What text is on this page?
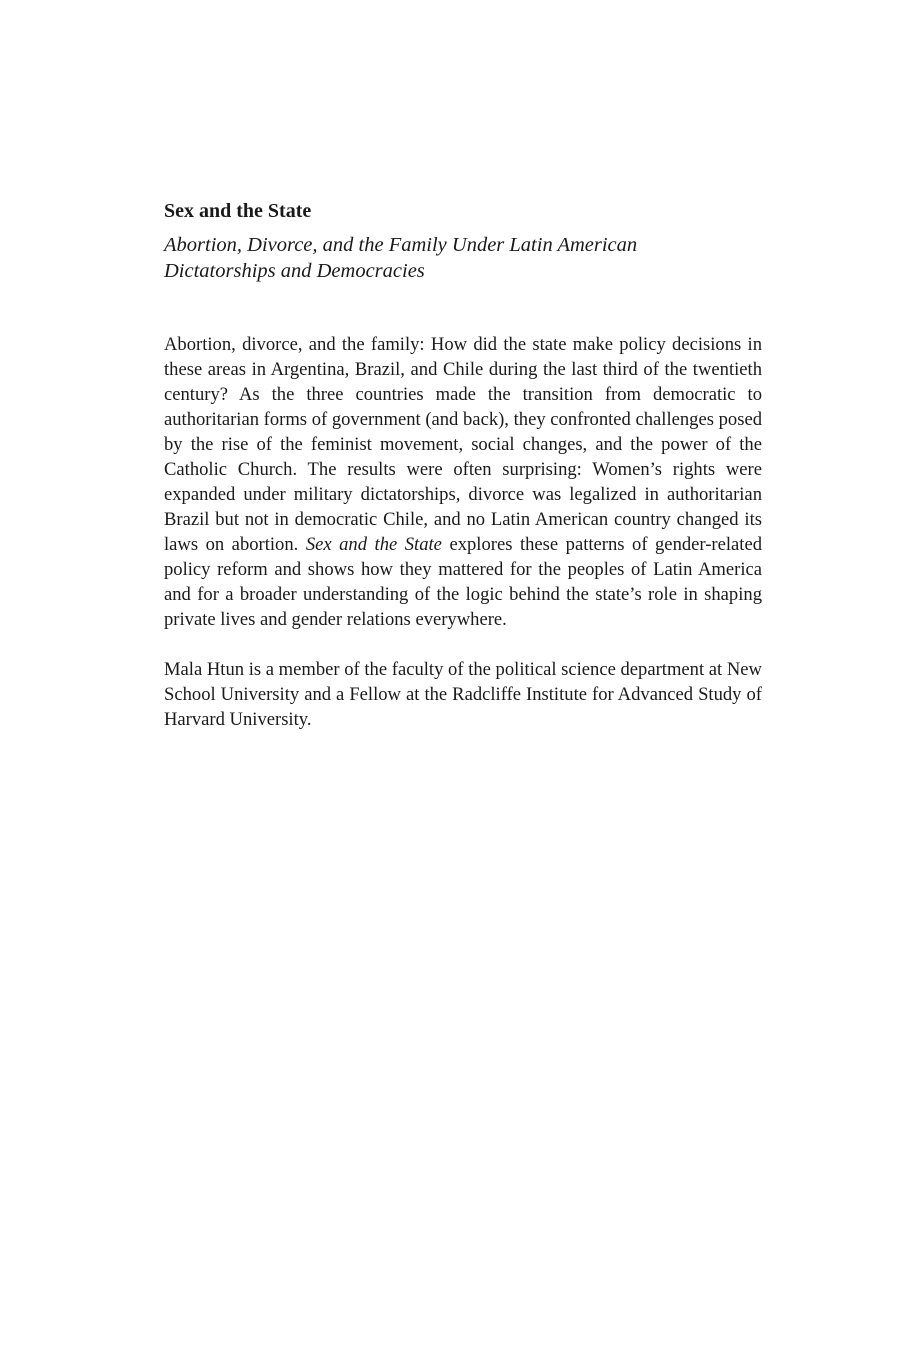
Sex and the State

Abortion, Divorce, and the Family Under Latin American
Dictatorships and Democracies

Abortion, divorce, and the family: How did the state make policy decisions in these areas in Argentina, Brazil, and Chile during the last third of the twentieth century? As the three countries made the transition from democratic to authoritarian forms of government (and back), they confronted challenges posed by the rise of the feminist movement, social changes, and the power of the Catholic Church. The results were often surprising: Women’s rights were expanded under military dictatorships, divorce was legalized in authoritarian Brazil but not in democratic Chile, and no Latin American country changed its laws on abortion. Sex and the State explores these patterns of gender-related policy reform and shows how they mattered for the peoples of Latin America and for a broader understanding of the logic behind the state’s role in shaping private lives and gender relations everywhere.

Mala Htun is a member of the faculty of the political science department at New School University and a Fellow at the Radcliffe Institute for Advanced Study of Harvard University.
